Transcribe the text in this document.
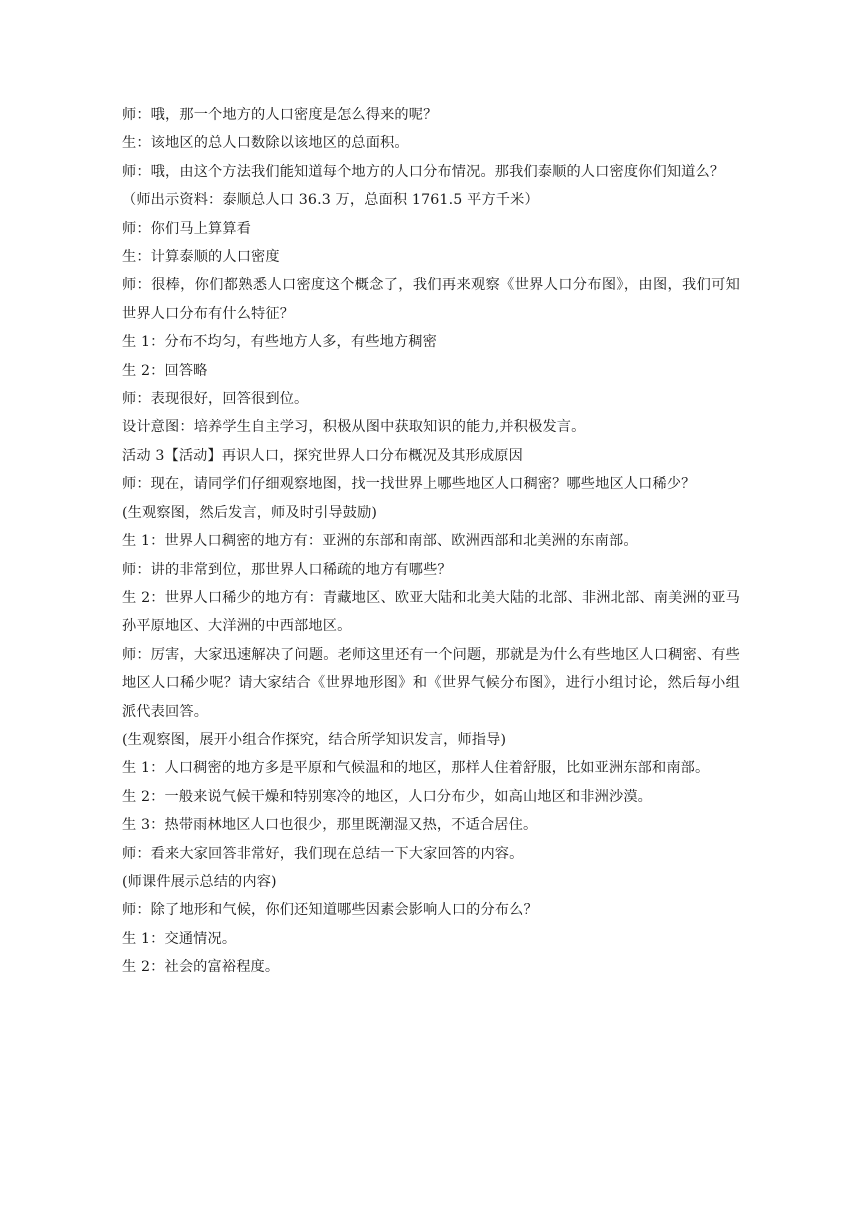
师：哦，那一个地方的人口密度是怎么得来的呢？

生：该地区的总人口数除以该地区的总面积。

师：哦，由这个方法我们能知道每个地方的人口分布情况。那我们泰顺的人口密度你们知道么？

（师出示资料：泰顺总人口 36.3 万，总面积 1761.5 平方千米）

师：你们马上算算看

生：计算泰顺的人口密度

师：很棒，你们都熟悉人口密度这个概念了，我们再来观察《世界人口分布图》，由图，我们可知世界人口分布有什么特征？

生 1：分布不均匀，有些地方人多，有些地方稠密

生 2：回答略

师：表现很好，回答很到位。

设计意图：培养学生自主学习，积极从图中获取知识的能力,并积极发言。

活动 3【活动】再识人口，探究世界人口分布概况及其形成原因

师：现在，请同学们仔细观察地图，找一找世界上哪些地区人口稠密？哪些地区人口稀少？

(生观察图，然后发言，师及时引导鼓励)

生 1：世界人口稠密的地方有：亚洲的东部和南部、欧洲西部和北美洲的东南部。

师：讲的非常到位，那世界人口稀疏的地方有哪些？

生 2：世界人口稀少的地方有：青藏地区、欧亚大陆和北美大陆的北部、非洲北部、南美洲的亚马孙平原地区、大洋洲的中西部地区。

师：厉害，大家迅速解决了问题。老师这里还有一个问题，那就是为什么有些地区人口稠密、有些地区人口稀少呢？请大家结合《世界地形图》和《世界气候分布图》，进行小组讨论，然后每小组派代表回答。

(生观察图，展开小组合作探究，结合所学知识发言，师指导)

生 1：人口稠密的地方多是平原和气候温和的地区，那样人住着舒服，比如亚洲东部和南部。

生 2：一般来说气候干燥和特别寒冷的地区，人口分布少，如高山地区和非洲沙漠。

生 3：热带雨林地区人口也很少，那里既潮湿又热，不适合居住。

师：看来大家回答非常好，我们现在总结一下大家回答的内容。

(师课件展示总结的内容)

师：除了地形和气候，你们还知道哪些因素会影响人口的分布么？

生 1：交通情况。

生 2：社会的富裕程度。
